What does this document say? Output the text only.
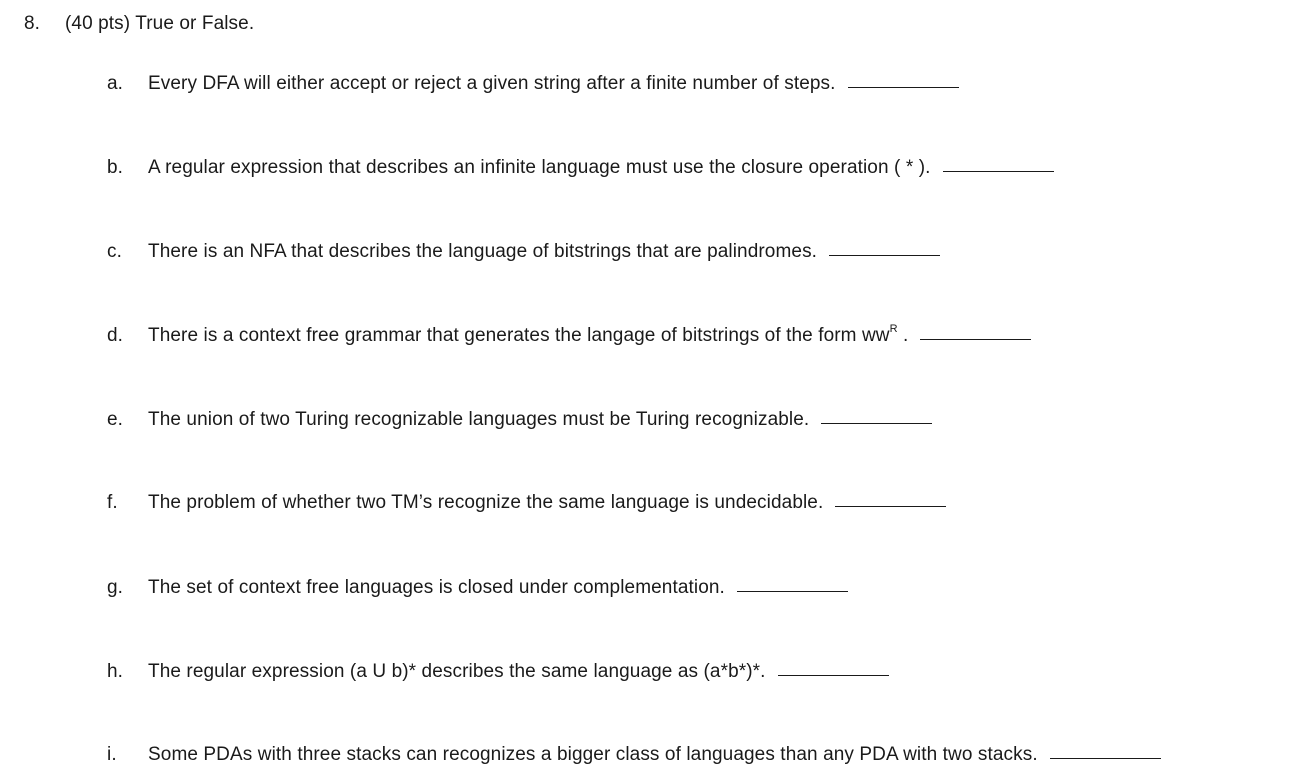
8. (40 pts) True or False.
a. Every DFA will either accept or reject a given string after a finite number of steps.
b. A regular expression that describes an infinite language must use the closure operation ( * ).
c. There is an NFA that describes the language of bitstrings that are palindromes.
d. There is a context free grammar that generates the langage of bitstrings of the form $ww^R$ .
e. The union of two Turing recognizable languages must be Turing recognizable.
f. The problem of whether two TM’s recognize the same language is undecidable.
g. The set of context free languages is closed under complementation.
h. The regular expression (a U b)* describes the same language as (a*b*)*.
i. Some PDAs with three stacks can recognizes a bigger class of languages than any PDA with two stacks.
